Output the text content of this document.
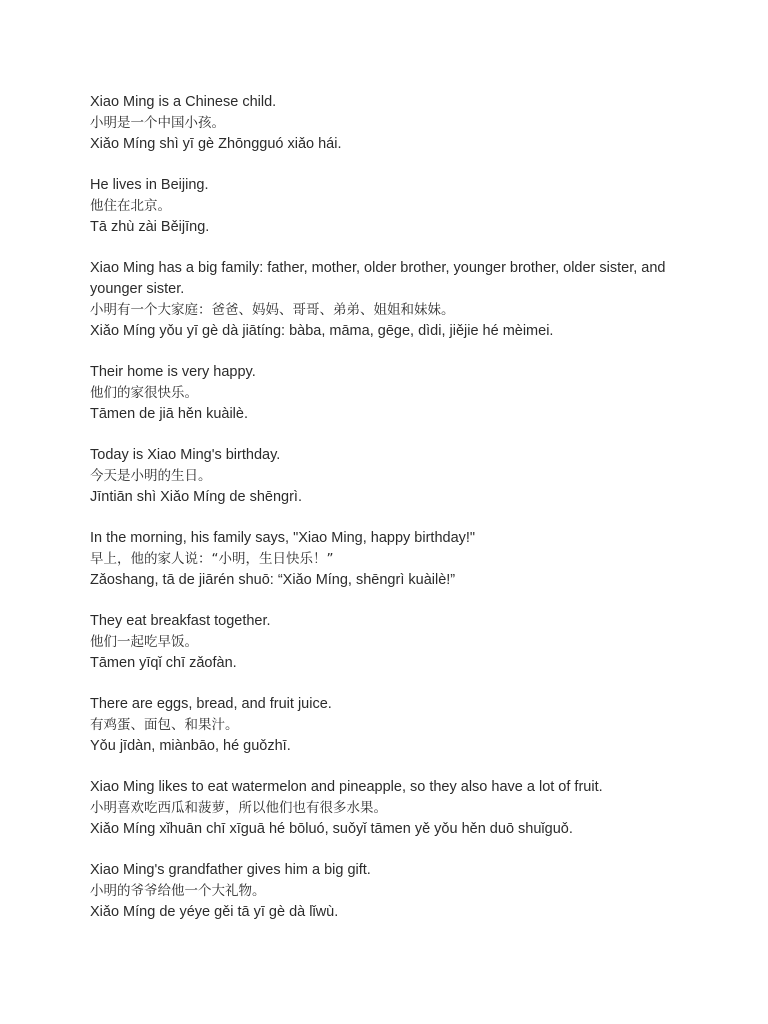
Xiao Ming is a Chinese child.
小明是一个中国小孩。
Xiǎo Míng shì yī gè Zhōngguó xiǎo hái.
He lives in Beijing.
他住在北京。
Tā zhù zài Běijīng.
Xiao Ming has a big family: father, mother, older brother, younger brother, older sister, and younger sister.
小明有一个大家庭：爸爸、妈妈、哥哥、弟弟、姐姐和妹妹。
Xiǎo Míng yǒu yī gè dà jiātíng: bàba, māma, gēge, dìdi, jiějie hé mèimei.
Their home is very happy.
他们的家很快乐。
Tāmen de jiā hěn kuàilè.
Today is Xiao Ming's birthday.
今天是小明的生日。
Jīntiān shì Xiǎo Míng de shēngrì.
In the morning, his family says, "Xiao Ming, happy birthday!"
早上，他的家人说：“小明，生日快乐！”
Zǎoshang, tā de jiārén shuō: “Xiǎo Míng, shēngrì kuàilè!”
They eat breakfast together.
他们一起吃早饭。
Tāmen yīqǐ chī zǎofàn.
There are eggs, bread, and fruit juice.
有鸡蛋、面包、和果汁。
Yǒu jīdàn, miànbāo, hé guǒzhī.
Xiao Ming likes to eat watermelon and pineapple, so they also have a lot of fruit.
小明喜欢吃西瓜和菠萝，所以他们也有很多水果。
Xiǎo Míng xǐhuān chī xīguā hé bōluó, suǒyǐ tāmen yě yǒu hěn duō shuǐguǒ.
Xiao Ming's grandfather gives him a big gift.
小明的爷爷给他一个大礼物。
Xiǎo Míng de yéye gěi tā yī gè dà lǐwù.
